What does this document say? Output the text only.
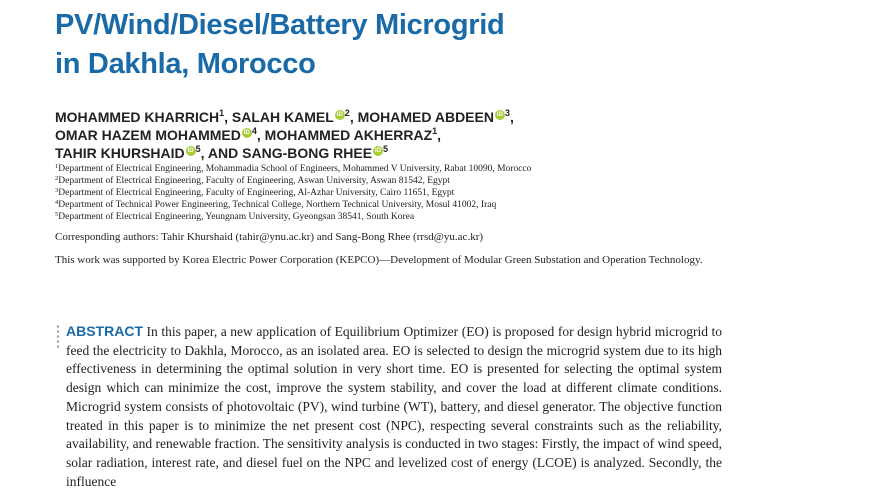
PV/Wind/Diesel/Battery Microgrid
in Dakhla, Morocco
MOHAMMED KHARRICH$^1$, SALAH KAMEL iD $^2$, MOHAMED ABDEEN iD $^3$,
OMAR HAZEM MOHAMMED iD $^4$, MOHAMMED AKHERRAZ$^1$,
TAHIR KHURSHAID iD $^5$, AND SANG-BONG RHEE iD $^5$

$^1$Department of Electrical Engineering, Mohammadia School of Engineers, Mohammed V University, Rabat 10090, Morocco

$^2$Department of Electrical Engineering, Faculty of Engineering, Aswan University, Aswan 81542, Egypt

$^3$Department of Electrical Engineering, Faculty of Engineering, Al-Azhar University, Cairo 11651, Egypt

$^4$Department of Technical Power Engineering, Technical College, Northern Technical University, Mosul 41002, Iraq

$^5$Department of Electrical Engineering, Yeungnam University, Gyeongsan 38541, South Korea

Corresponding authors: Tahir Khurshaid (tahir@ynu.ac.kr) and Sang-Bong Rhee (rrsd@yu.ac.kr)

This work was supported by Korea Electric Power Corporation (KEPCO)—Development of Modular Green Substation and Operation Technology.

ABSTRACT In this paper, a new application of Equilibrium Optimizer (EO) is proposed for design hybrid microgrid to feed the electricity to Dakhla, Morocco, as an isolated area. EO is selected to design the microgrid system due to its high effectiveness in determining the optimal solution in very short time. EO is presented for selecting the optimal system design which can minimize the cost, improve the system stability, and cover the load at different climate conditions. Microgrid system consists of photovoltaic (PV), wind turbine (WT), battery, and diesel generator. The objective function treated in this paper is to minimize the net present cost (NPC), respecting several constraints such as the reliability, availability, and renewable fraction. The sensitivity analysis is conducted in two stages: Firstly, the impact of wind speed, solar radiation, interest rate, and diesel fuel on the NPC and levelized cost of energy (LCOE) is analyzed. Secondly, the influence
